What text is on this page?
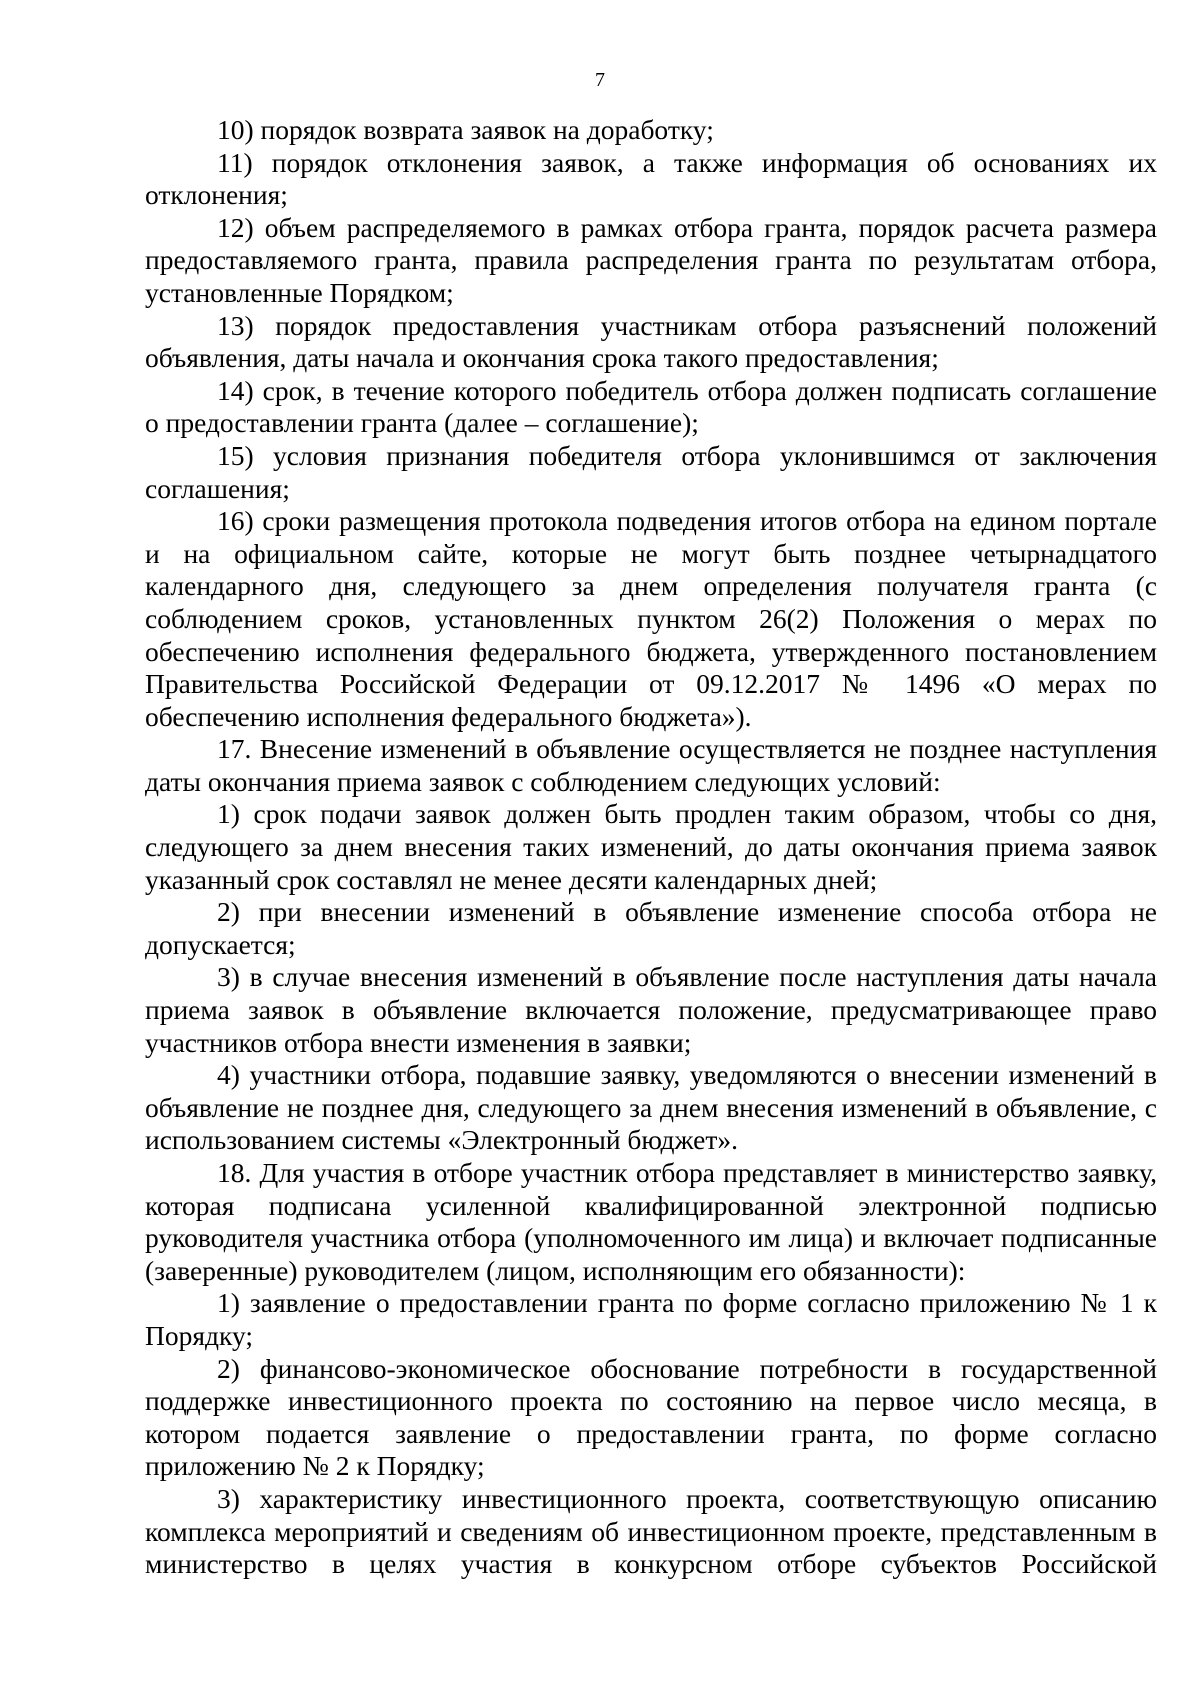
7

10) порядок возврата заявок на доработку;

11) порядок отклонения заявок, а также информация об основаниях их отклонения;

12) объем распределяемого в рамках отбора гранта, порядок расчета размера предоставляемого гранта, правила распределения гранта по результатам отбора, установленные Порядком;

13) порядок предоставления участникам отбора разъяснений положений объявления, даты начала и окончания срока такого предоставления;

14) срок, в течение которого победитель отбора должен подписать соглашение о предоставлении гранта (далее – соглашение);

15) условия признания победителя отбора уклонившимся от заключения соглашения;

16) сроки размещения протокола подведения итогов отбора на едином портале и на официальном сайте, которые не могут быть позднее четырнадцатого календарного дня, следующего за днем определения получателя гранта (с соблюдением сроков, установленных пунктом 26(2) Положения о мерах по обеспечению исполнения федерального бюджета, утвержденного постановлением Правительства Российской Федерации от 09.12.2017 № 1496 «О мерах по обеспечению исполнения федерального бюджета»).

17. Внесение изменений в объявление осуществляется не позднее наступления даты окончания приема заявок с соблюдением следующих условий:

1) срок подачи заявок должен быть продлен таким образом, чтобы со дня, следующего за днем внесения таких изменений, до даты окончания приема заявок указанный срок составлял не менее десяти календарных дней;

2) при внесении изменений в объявление изменение способа отбора не допускается;

3) в случае внесения изменений в объявление после наступления даты начала приема заявок в объявление включается положение, предусматривающее право участников отбора внести изменения в заявки;

4) участники отбора, подавшие заявку, уведомляются о внесении изменений в объявление не позднее дня, следующего за днем внесения изменений в объявление, с использованием системы «Электронный бюджет».

18. Для участия в отборе участник отбора представляет в министерство заявку, которая подписана усиленной квалифицированной электронной подписью руководителя участника отбора (уполномоченного им лица) и включает подписанные (заверенные) руководителем (лицом, исполняющим его обязанности):

1) заявление о предоставлении гранта по форме согласно приложению № 1 к Порядку;

2) финансово-экономическое обоснование потребности в государственной поддержке инвестиционного проекта по состоянию на первое число месяца, в котором подается заявление о предоставлении гранта, по форме согласно приложению № 2 к Порядку;

3) характеристику инвестиционного проекта, соответствующую описанию комплекса мероприятий и сведениям об инвестиционном проекте, представленным в министерство в целях участия в конкурсном отборе субъектов Российской
